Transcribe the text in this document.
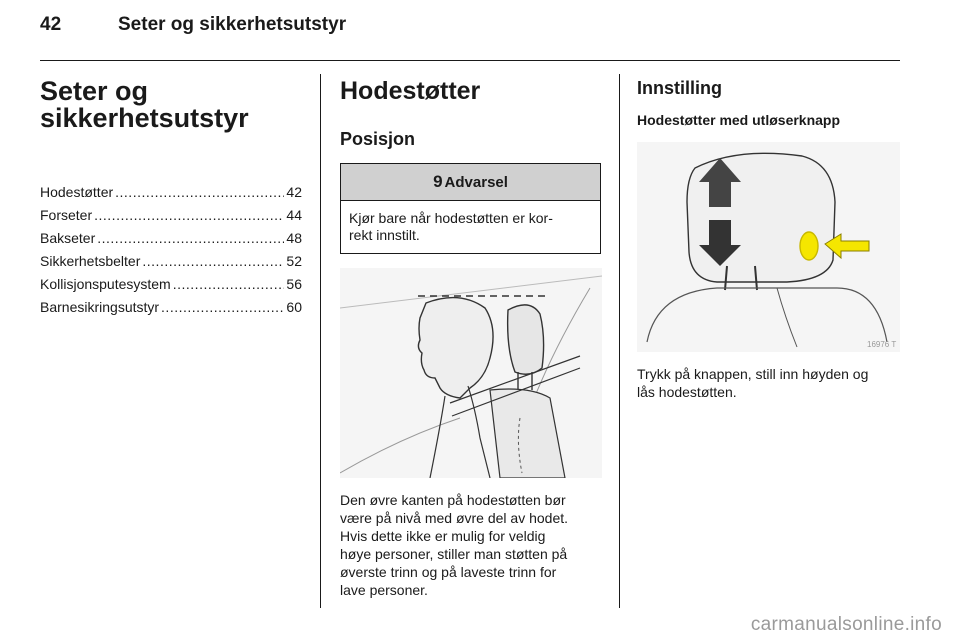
42	Seter og sikkerhetsutstyr
Seter og
sikkerhetsutstyr
Hodestøtter .....	42
Forseter .....	44
Bakseter .....	48
Sikkerhetsbelter .....	52
Kollisjonsputesystem .....	56
Barnesikringsutstyr .....	60
Hodestøtter
Posisjon
9 Advarsel
Kjør bare når hodestøtten er kor-
rekt innstilt.
Den øvre kanten på hodestøtten bør
være på nivå med øvre del av hodet.
Hvis dette ikke er mulig for veldig
høye personer, stiller man støtten på
øverste trinn og på laveste trinn for
lave personer.
Innstilling
Hodestøtter med utløserknapp
16976 T
Trykk på knappen, still inn høyden og
lås hodestøtten.
carmanualsonline.info
